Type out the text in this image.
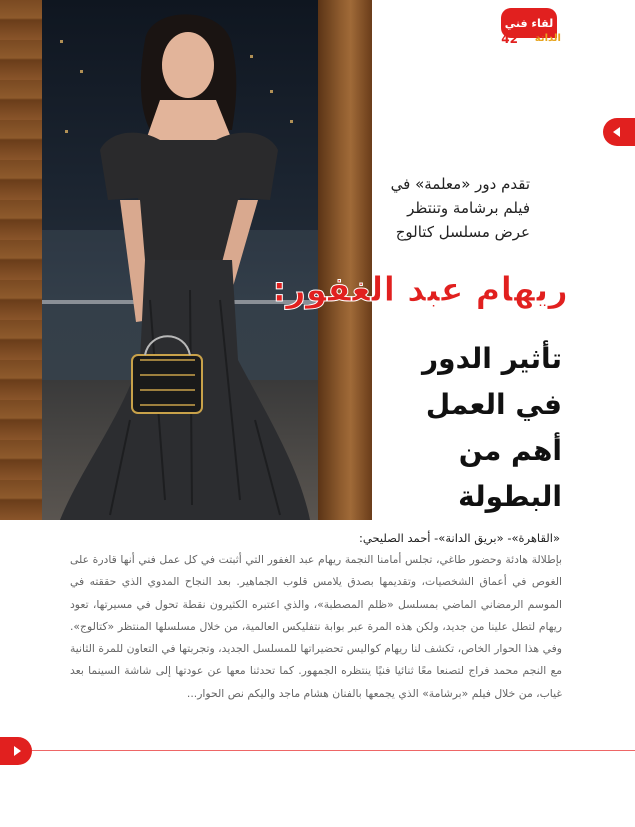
لقاء فني
42 الدانة
تقدم دور «معلمة» في فيلم برشامة وتنتظر عرض مسلسل كتالوج
ريهام عبد الغفور:
تأثير الدور في العمل أهم من البطولة
«القاهرة»- «بريق الدانة»- أحمد الصليحي:
بإطلالة هادئة وحضور طاغي، تجلس أمامنا النجمة ريهام عبد الغفور التي أثبتت في كل عمل فني أنها قادرة على الغوص في أعماق الشخصيات، وتقديمها بصدق يلامس قلوب الجماهير. بعد النجاح المدوي الذي حققته في الموسم الرمضاني الماضي بمسلسل «ظلم المصطبة»، والذي اعتبره الكثيرون نقطة تحول في مسيرتها، تعود ريهام لتطل علينا من جديد، ولكن هذه المرة عبر بوابة نتفليكس العالمية، من خلال مسلسلها المنتظر «كتالوج». وفي هذا الحوار الخاص، تكشف لنا ريهام كواليس تحضيراتها للمسلسل الجديد، وتجربتها في التعاون للمرة الثانية مع النجم محمد فراج لتصنعا معًا ثنائيا فنيًا ينتظره الجمهور. كما تحدثنا معها عن عودتها إلى شاشة السينما بعد غياب، من خلال فيلم «برشامة» الذي يجمعها بالفنان هشام ماجد واليكم نص الحوار...
